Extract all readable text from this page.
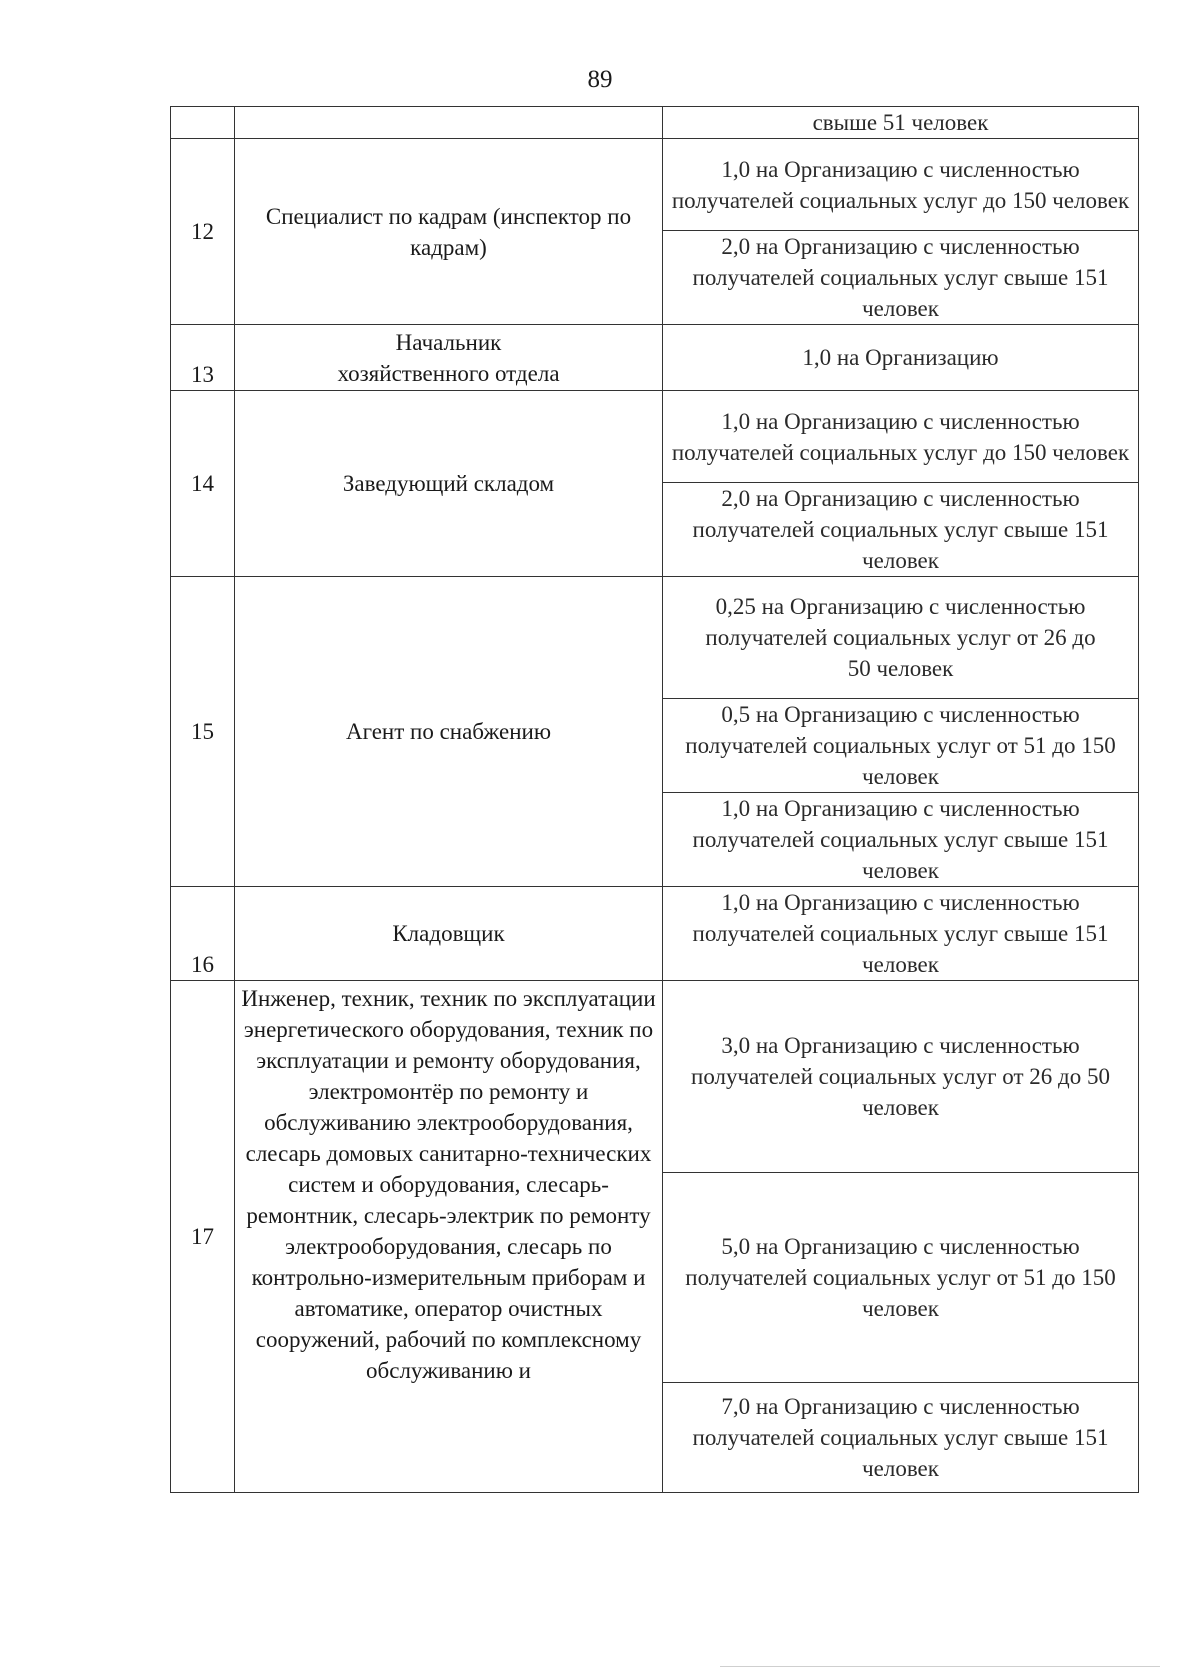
89
		свыше 51 человек
12	Специалист по кадрам (инспектор по кадрам)	1,0 на Организацию с численностью получателей социальных услуг до 150 человек
		2,0 на Организацию с численностью получателей социальных услуг свыше 151 человек
13	Начальник хозяйственного отдела	1,0 на Организацию
14	Заведующий складом	1,0 на Организацию с численностью получателей социальных услуг до 150 человек
		2,0 на Организацию с численностью получателей социальных услуг свыше 151 человек
15	Агент по снабжению	0,25 на Организацию с численностью получателей социальных услуг от 26 до 50 человек
		0,5 на Организацию с численностью получателей социальных услуг от 51 до 150 человек
		1,0 на Организацию с численностью получателей социальных услуг свыше 151 человек
16	Кладовщик	1,0 на Организацию с численностью получателей социальных услуг свыше 151 человек
17	Инженер, техник, техник по эксплуатации энергетического оборудования, техник по эксплуатации и ремонту оборудования, электромонтёр по ремонту и обслуживанию электрооборудования, слесарь домовых санитарно-технических систем и оборудования, слесарь-ремонтник, слесарь-электрик по ремонту электрооборудования, слесарь по контрольно-измерительным приборам и автоматике, оператор очистных сооружений, рабочий по комплексному обслуживанию и	3,0 на Организацию с численностью получателей социальных услуг от 26 до 50 человек
		5,0 на Организацию с численностью получателей социальных услуг от 51 до 150 человек
		7,0 на Организацию с численностью получателей социальных услуг свыше 151 человек
